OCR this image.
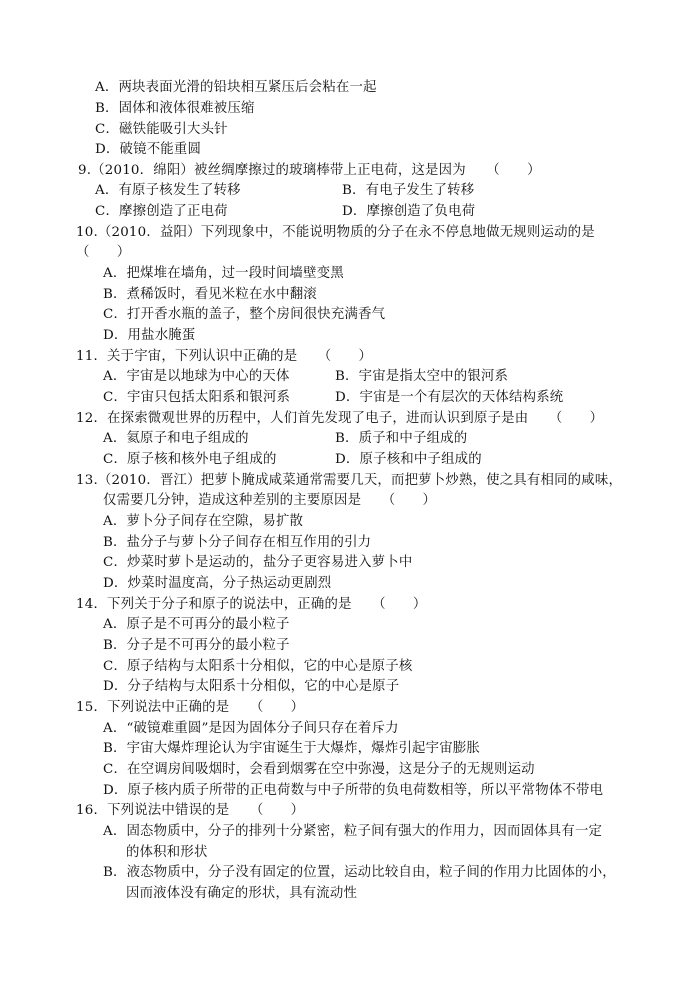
A．两块表面光滑的铅块相互紧压后会粘在一起
B．固体和液体很难被压缩
C．磁铁能吸引大头针
D．破镜不能重圆
9.（2010．绵阳）被丝绸摩擦过的玻璃棒带上正电荷，这是因为　　（　　）
A．有原子核发生了转移	B．有电子发生了转移
C．摩擦创造了正电荷	D．摩擦创造了负电荷
10.（2010．益阳）下列现象中，不能说明物质的分子在永不停息地做无规则运动的是
（　　）
A．把煤堆在墙角，过一段时间墙壁变黑
B．煮稀饭时，看见米粒在水中翻滚
C．打开香水瓶的盖子，整个房间很快充满香气
D．用盐水腌蛋
11．关于宇宙，下列认识中正确的是　　（　　）
A．宇宙是以地球为中心的天体	B．宇宙是指太空中的银河系
C．宇宙只包括太阳系和银河系	D．宇宙是一个有层次的天体结构系统
12．在探索微观世界的历程中，人们首先发现了电子，进而认识到原子是由　　（　　）
A．氦原子和电子组成的	B．质子和中子组成的
C．原子核和核外电子组成的	D．原子核和中子组成的
13.（2010．晋江）把萝卜腌成咸菜通常需要几天，而把萝卜炒熟，使之具有相同的咸味，
仅需要几分钟，造成这种差别的主要原因是　　（　　）
A．萝卜分子间存在空隙，易扩散
B．盐分子与萝卜分子间存在相互作用的引力
C．炒菜时萝卜是运动的，盐分子更容易进入萝卜中
D．炒菜时温度高，分子热运动更剧烈
14．下列关于分子和原子的说法中，正确的是　　（　　）
A．原子是不可再分的最小粒子
B．分子是不可再分的最小粒子
C．原子结构与太阳系十分相似，它的中心是原子核
D．分子结构与太阳系十分相似，它的中心是原子
15．下列说法中正确的是　　（　　）
A．“破镜难重圆”是因为固体分子间只存在着斥力
B．宇宙大爆炸理论认为宇宙诞生于大爆炸，爆炸引起宇宙膨胀
C．在空调房间吸烟时，会看到烟雾在空中弥漫，这是分子的无规则运动
D．原子核内质子所带的正电荷数与中子所带的负电荷数相等，所以平常物体不带电
16．下列说法中错误的是　　（　　）
A．固态物质中，分子的排列十分紧密，粒子间有强大的作用力，因而固体具有一定
的体积和形状
B．液态物质中，分子没有固定的位置，运动比较自由，粒子间的作用力比固体的小，
因而液体没有确定的形状，具有流动性
